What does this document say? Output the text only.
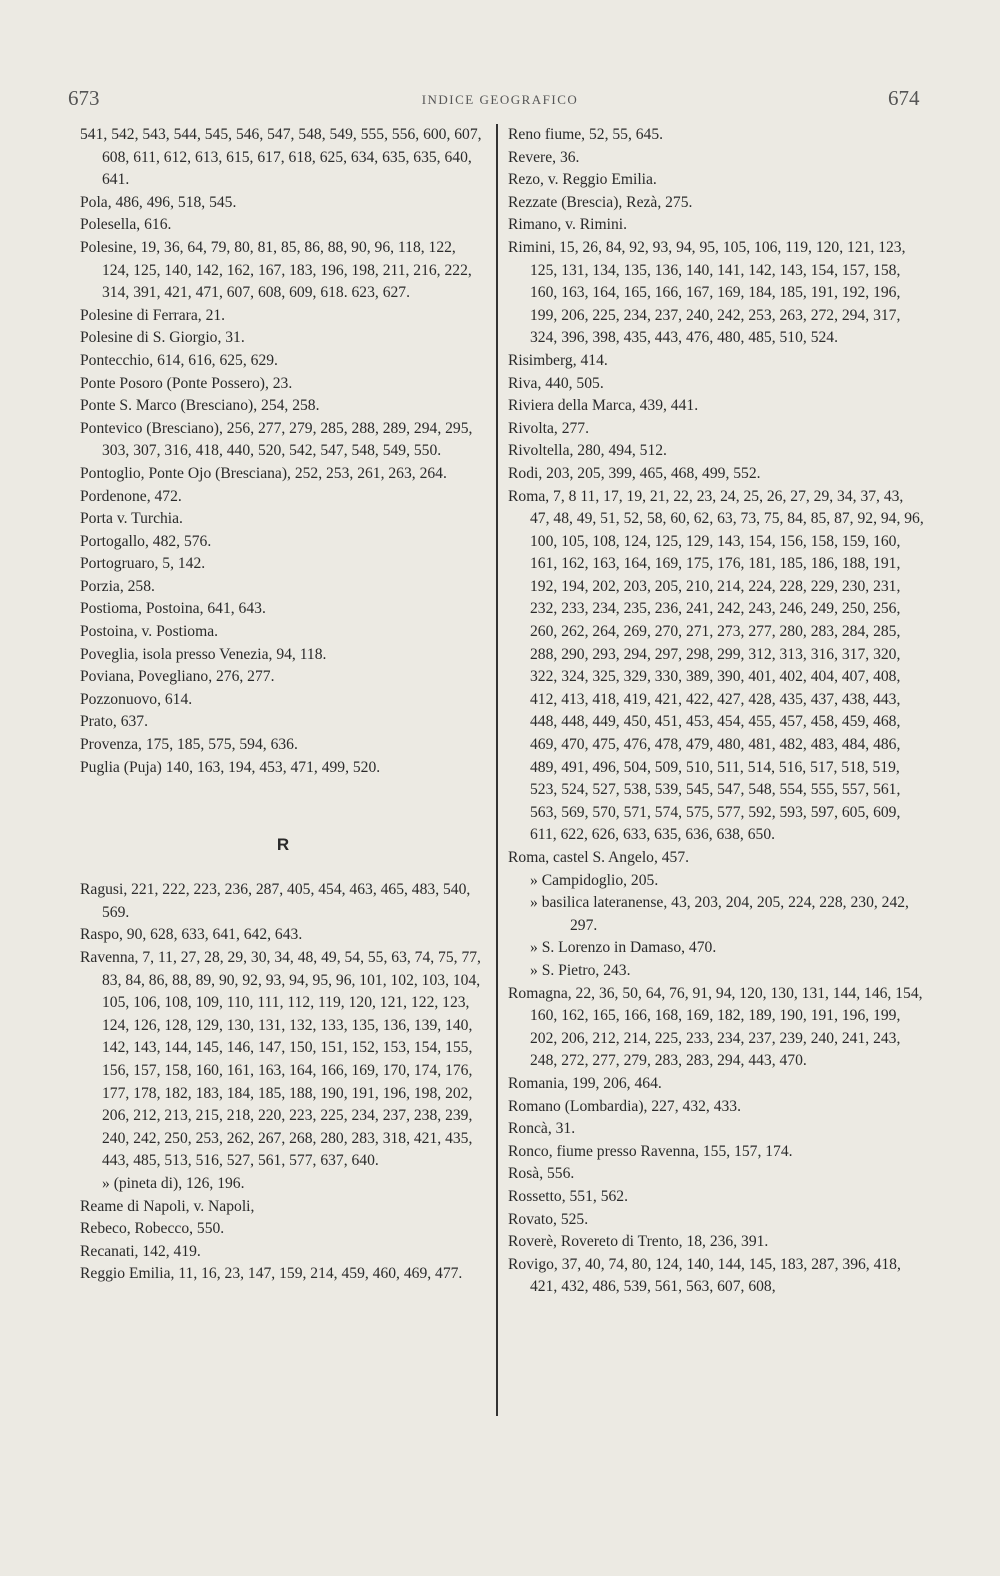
673	INDICE GEOGRAFICO	674

541, 542, 543, 544, 545, 546, 547, 548, 549, 555, 556, 600, 607, 608, 611, 612, 613, 615, 617, 618, 625, 634, 635, 635, 640, 641.

Pola, 486, 496, 518, 545.

Polesella, 616.

Polesine, 19, 36, 64, 79, 80, 81, 85, 86, 88, 90, 96, 118, 122, 124, 125, 140, 142, 162, 167, 183, 196, 198, 211, 216, 222, 314, 391, 421, 471, 607, 608, 609, 618. 623, 627.

Polesine di Ferrara, 21.

Polesine di S. Giorgio, 31.

Pontecchio, 614, 616, 625, 629.

Ponte Posoro (Ponte Possero), 23.

Ponte S. Marco (Bresciano), 254, 258.

Pontevico (Bresciano), 256, 277, 279, 285, 288, 289, 294, 295, 303, 307, 316, 418, 440, 520, 542, 547, 548, 549, 550.

Pontoglio, Ponte Ojo (Bresciana), 252, 253, 261, 263, 264.

Pordenone, 472.

Porta v. Turchia.

Portogallo, 482, 576.

Portogruaro, 5, 142.

Porzia, 258.

Postioma, Postoina, 641, 643.

Postoina, v. Postioma.

Poveglia, isola presso Venezia, 94, 118.

Poviana, Povegliano, 276, 277.

Pozzonuovo, 614.

Prato, 637.

Provenza, 175, 185, 575, 594, 636.

Puglia (Puja) 140, 163, 194, 453, 471, 499, 520.

R

Ragusi, 221, 222, 223, 236, 287, 405, 454, 463, 465, 483, 540, 569.

Raspo, 90, 628, 633, 641, 642, 643.

Ravenna, 7, 11, 27, 28, 29, 30, 34, 48, 49, 54, 55, 63, 74, 75, 77, 83, 84, 86, 88, 89, 90, 92, 93, 94, 95, 96, 101, 102, 103, 104, 105, 106, 108, 109, 110, 111, 112, 119, 120, 121, 122, 123, 124, 126, 128, 129, 130, 131, 132, 133, 135, 136, 139, 140, 142, 143, 144, 145, 146, 147, 150, 151, 152, 153, 154, 155, 156, 157, 158, 160, 161, 163, 164, 166, 169, 170, 174, 176, 177, 178, 182, 183, 184, 185, 188, 190, 191, 196, 198, 202, 206, 212, 213, 215, 218, 220, 223, 225, 234, 237, 238, 239, 240, 242, 250, 253, 262, 267, 268, 280, 283, 318, 421, 435, 443, 485, 513, 516, 527, 561, 577, 637, 640.

» (pineta di), 126, 196.

Reame di Napoli, v. Napoli,

Rebeco, Robecco, 550.

Recanati, 142, 419.

Reggio Emilia, 11, 16, 23, 147, 159, 214, 459, 460, 469, 477.

Reno fiume, 52, 55, 645.

Revere, 36.

Rezo, v. Reggio Emilia.

Rezzate (Brescia), Rezà, 275.

Rimano, v. Rimini.

Rimini, 15, 26, 84, 92, 93, 94, 95, 105, 106, 119, 120, 121, 123, 125, 131, 134, 135, 136, 140, 141, 142, 143, 154, 157, 158, 160, 163, 164, 165, 166, 167, 169, 184, 185, 191, 192, 196, 199, 206, 225, 234, 237, 240, 242, 253, 263, 272, 294, 317, 324, 396, 398, 435, 443, 476, 480, 485, 510, 524.

Risimberg, 414.

Riva, 440, 505.

Riviera della Marca, 439, 441.

Rivolta, 277.

Rivoltella, 280, 494, 512.

Rodi, 203, 205, 399, 465, 468, 499, 552.

Roma, 7, 8 11, 17, 19, 21, 22, 23, 24, 25, 26, 27, 29, 34, 37, 43, 47, 48, 49, 51, 52, 58, 60, 62, 63, 73, 75, 84, 85, 87, 92, 94, 96, 100, 105, 108, 124, 125, 129, 143, 154, 156, 158, 159, 160, 161, 162, 163, 164, 169, 175, 176, 181, 185, 186, 188, 191, 192, 194, 202, 203, 205, 210, 214, 224, 228, 229, 230, 231, 232, 233, 234, 235, 236, 241, 242, 243, 246, 249, 250, 256, 260, 262, 264, 269, 270, 271, 273, 277, 280, 283, 284, 285, 288, 290, 293, 294, 297, 298, 299, 312, 313, 316, 317, 320, 322, 324, 325, 329, 330, 389, 390, 401, 402, 404, 407, 408, 412, 413, 418, 419, 421, 422, 427, 428, 435, 437, 438, 443, 448, 448, 449, 450, 451, 453, 454, 455, 457, 458, 459, 468, 469, 470, 475, 476, 478, 479, 480, 481, 482, 483, 484, 486, 489, 491, 496, 504, 509, 510, 511, 514, 516, 517, 518, 519, 523, 524, 527, 538, 539, 545, 547, 548, 554, 555, 557, 561, 563, 569, 570, 571, 574, 575, 577, 592, 593, 597, 605, 609, 611, 622, 626, 633, 635, 636, 638, 650.

Roma, castel S. Angelo, 457.

» Campidoglio, 205.

» basilica lateranense, 43, 203, 204, 205, 224, 228, 230, 242, 297.

» S. Lorenzo in Damaso, 470.

» S. Pietro, 243.

Romagna, 22, 36, 50, 64, 76, 91, 94, 120, 130, 131, 144, 146, 154, 160, 162, 165, 166, 168, 169, 182, 189, 190, 191, 196, 199, 202, 206, 212, 214, 225, 233, 234, 237, 239, 240, 241, 243, 248, 272, 277, 279, 283, 283, 294, 443, 470.

Romania, 199, 206, 464.

Romano (Lombardia), 227, 432, 433.

Roncà, 31.

Ronco, fiume presso Ravenna, 155, 157, 174.

Rosà, 556.

Rossetto, 551, 562.

Rovato, 525.

Roverè, Rovereto di Trento, 18, 236, 391.

Rovigo, 37, 40, 74, 80, 124, 140, 144, 145, 183, 287, 396, 418, 421, 432, 486, 539, 561, 563, 607, 608,
